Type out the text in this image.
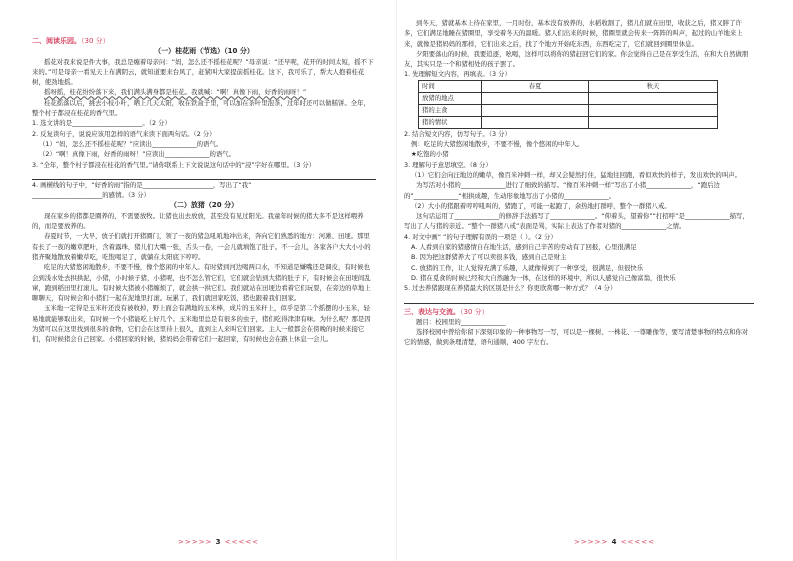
二、阅读乐园。（30 分）

（一）桂花雨（节选）（10 分）

摇花对我来说是件大事，我总是缠着母亲问：“妈，怎么还不摇桂花呢？”母亲说：“还早呢，花开的时间太短，摇不下来的。”可是母亲一看见天上布满阴云，就知道要来台风了，赶紧叫大家提前摇桂花。这下，我可乐了，帮大人抱着桂花树，使劲地摇。

摇呀摇，桂花纷纷落下来，我们满头满身都是桂花。我就喊：“啊！真像下雨，好香的雨呀！”

桂花摇落以后，挑去小枝小叶，晒上几天太阳，收在铁盒子里，可以加在茶叶里泡茶，过年时还可以做糕饼。全年，整个村子都浸在桂花的香气里。

1. 选文讲的是______________________。（2 分）

2. 反复读句子，说说应该用怎样的语气来读下面两句话。（2 分）

（1）“妈，怎么还不摇桂花呢？”应读出______________的语气。

（2）“啊！真像下雨，好香的雨呀！”应读出______________的语气。

3. “全年，整个村子都浸在桂花的香气里。”请你联系上下文说说这句话中的“浸”字好在哪里。（3 分）

4. 画横线的句子中，“好香的雨”指的是______________________，写出了“我”

______________________的感情。（3 分）

（二）放猪（20 分）

现在家乡的猪都是圈养的，不需要放牧。让猪也出去放放，甚至没有见过阳光。我童年时候的猪大多不是这样喂养的，而是要放养的。

春夏时节，一大早，放子们就打开猪圈门，领了一夜的猪急吼吼地冲出来，奔向它们熟悉的地方：河滩、田埂。那里有长了一夜的嫩草肥叶，含着露珠，猪儿们大嘴一张，舌头一卷，一会儿就填饱了肚子。不一会儿，各家各户大大小小的猪齐聚地散放着嫩草吃，吃饱喝足了，就躺在太阳底下哼哼。

吃足的大猪悠闲地散步，不要不慢，像个悠闲的中年人。有时猪到河边喝两口水，不知道是嫌嘴还是调皮，有时候也会到浅水处去拱拱泥，小猪，小时候子猪，小猪呢，也不怎么管它们，它们就会钻到大猪的肚子下，有时候会在田埂间乱窜，跑到稻田里打滚儿。有时候大猪被小猪缠烦了，就会拱一拱它们。我们就站在田埂边看着它们玩耍，在旁边的草地上聊聊天，有时候会和小猪们一起在泥地里打滚。玩累了，我们就回家吃饭，猪也跟着我们回家。

玉米地一定得是玉米秆还没有被收掉，野上面会有满地的玉米棒，成片的玉米秆上，似乎是第二个摇摆的小玉米，轻易地就能够取出来，有时候一个小猪能吃上好几个。玉米地里总是有很多的虫子，猪们吃得津津有味。为什么呢？那是因为猪可以在这里找到很多的食物，它们会在这里待上很久，直到主人来叫它们回家。主人一般都会在傍晚的时候来接它们，有时候猪会自己回家。小猪回家的时候，猪妈妈会带着它们一起回家，有时候也会在路上休息一会儿。

>>>>> 3 <<<<<

到冬天，猪就基本上待在家里，一月时份，基本没有放养的，水稻收割了，猪儿们就在田里，收获之后，猪又胖了许多，它们满足地睡在猪圈里，享受着冬天的温暖。猪人们出来的时候，猪圈里就会传来一阵阵的叫声，起过的山羊地来上来，就像是猪妈妈的那样，它们出来之后，找了个地方开始吃东西，东西吃完了，它们就回到圈里休息。

夕阳要落山的时候，我要追逐，吆喝，这样可以将你的猪赶回它们的家。你会觉得自己是在享受生活，在和大自然做朋友，其实只是一个和猪相处的孩子罢了。

1. 先理解短文内容，再填表。（3 分）

时间	春夏	秋天
放猪的地点		
猪的主食		
猪的情状		

2. 结合短文内容，仿写句子。（3 分）

例：吃足的大猪悠闲地散步，不要不慢，像个悠闲的中年人。

★吃饱的小猪

3. 理解句子意思填空。（8 分）

（1）它们会向汪地边的嫩草，像百米冲刺一样，却又会疑然打住，猛地往回跑，看似欢快的样子，发出欢快的叫声。

为写活对小猪的______________进行了细致的描写。“像百米冲刺一样”写出了小猪______________，“跑后边的”______________“相拱成趣，生动形象地写出了小猪的______________。

（2）大小的猪跟着哼哼吼叫的，猪跑了，可能一起跑了，余热地打群呼，整个一群猪八戒。

这句话运用了______________的修辞手法描写了______________。“仰着头，望着你”“打招呼”是______________描写，写出了人与猪的亲近。“整个一群猪八戒”表面是骂，实际上表达了作者对猪的______________之情。

4. 对文中画“ ”的句子理解有误的一项是（ ）。（2 分）

A. 人看到自家的猪感情自在地生活，感到自己辛苦的劳动有了回报，心里很满足

B. 因为把这群猪养大了可以卖很多钱，感到自己是财主

C. 放猪的工作，让人觉得充满了乐趣，人就像得到了一种享受，很满足，但很快乐

D. 猪在觅食的时候已经和大自然融为一体，在这样的环境中，所以人感觉自己像富翁，很快乐

5. 过去养猪跟现在养猪最大的区别是什么？你更欣赏哪一种方式？（4 分）

三、表达与交流。（30 分）

题目：校园里的______________

选择校园中曾给你留下深刻印象的一种事物写一写，可以是一棵树、一株花、一尊雕像等，要写清楚事物的特点和你对它的情感，做到条理清楚，语句通顺，400 字左右。

>>>>> 4 <<<<<
